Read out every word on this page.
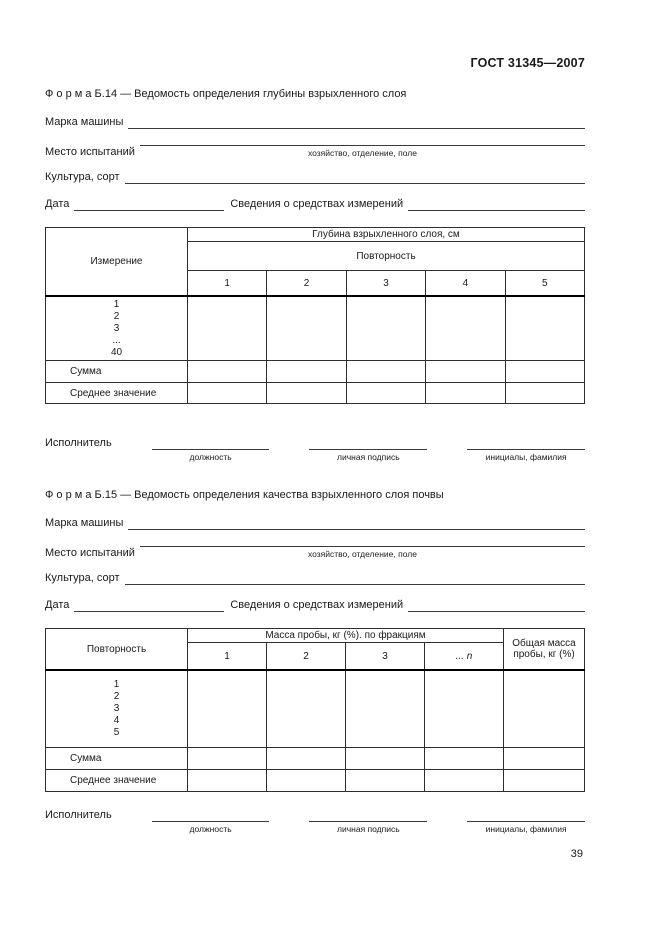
ГОСТ 31345—2007
Ф о р м а Б.14 — Ведомость определения глубины взрыхленного слоя
Марка машины
Место испытаний	хозяйство, отделение, поле
Культура, сорт
Дата	Сведения о средствах измерений
Измерение	Глубина взрыхленного слоя, см				
	Повторность				
	1	2	3	4	5

1
2
3
...
40					

Сумма					
Среднее значение					
Исполнитель
должность	личная подпись	инициалы, фамилия
Ф о р м а Б.15 — Ведомость определения качества взрыхленного слоя почвы
Марка машины
Место испытаний	хозяйство, отделение, поле
Культура, сорт
Дата	Сведения о средствах измерений
Повторность	Масса пробы, кг (%). по фракциям				Общая масса пробы, кг (%)
	1	2	3	... n	

1
2
3
4
5					

Сумма					
Среднее значение					
Исполнитель
должность	личная подпись	инициалы, фамилия
39
